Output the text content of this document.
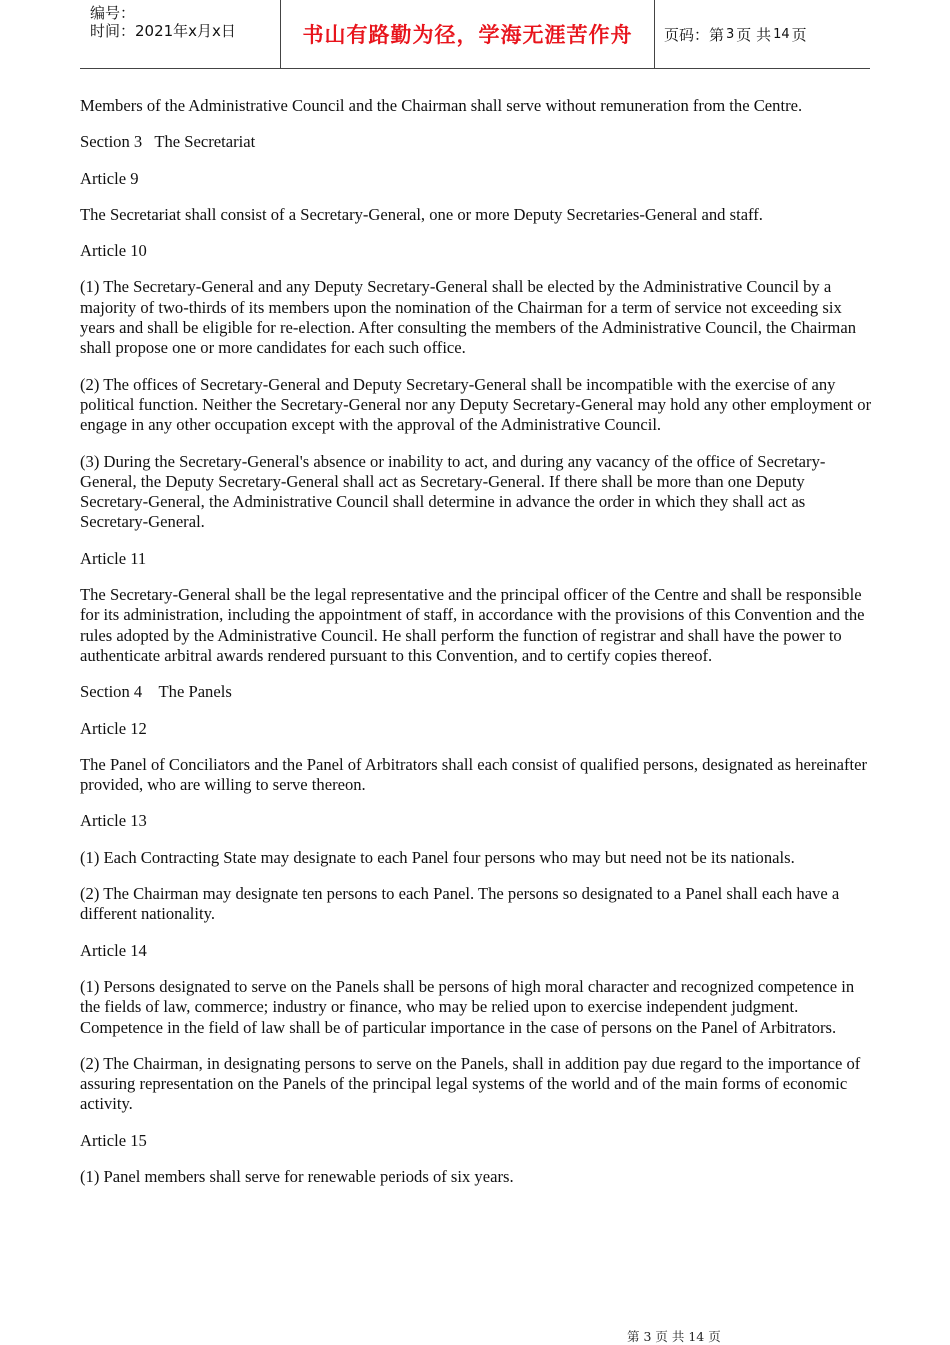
编号：
时间：2021年x月x日	书山有路勤为径，学海无涯苦作舟	页码：第 3 页 共 14 页

Members of the Administrative Council and the Chairman shall serve without remuneration from the Centre.

Section 3   The Secretariat

Article 9

The Secretariat shall consist of a Secretary-General, one or more Deputy Secretaries-General and staff.

Article 10

(1) The Secretary-General and any Deputy Secretary-General shall be elected by the Administrative Council by a majority of two-thirds of its members upon the nomination of the Chairman for a term of service not exceeding six years and shall be eligible for re-election. After consulting the members of the Administrative Council, the Chairman shall propose one or more candidates for each such office.

(2) The offices of Secretary-General and Deputy Secretary-General shall be incompatible with the exercise of any political function. Neither the Secretary-General nor any Deputy Secretary-General may hold any other employment or engage in any other occupation except with the approval of the Administrative Council.

(3) During the Secretary-General's absence or inability to act, and during any vacancy of the office of Secretary-General, the Deputy Secretary-General shall act as Secretary-General. If there shall be more than one Deputy Secretary-General, the Administrative Council shall determine in advance the order in which they shall act as Secretary-General.

Article 11

The Secretary-General shall be the legal representative and the principal officer of the Centre and shall be responsible for its administration, including the appointment of staff, in accordance with the provisions of this Convention and the rules adopted by the Administrative Council. He shall perform the function of registrar and shall have the power to authenticate arbitral awards rendered pursuant to this Convention, and to certify copies thereof.

Section 4    The Panels

Article 12

The Panel of Conciliators and the Panel of Arbitrators shall each consist of qualified persons, designated as hereinafter provided, who are willing to serve thereon.

Article 13

(1) Each Contracting State may designate to each Panel four persons who may but need not be its nationals.

(2) The Chairman may designate ten persons to each Panel. The persons so designated to a Panel shall each have a different nationality.

Article 14

(1) Persons designated to serve on the Panels shall be persons of high moral character and recognized competence in the fields of law, commerce; industry or finance, who may be relied upon to exercise independent judgment. Competence in the field of law shall be of particular importance in the case of persons on the Panel of Arbitrators.

(2) The Chairman, in designating persons to serve on the Panels, shall in addition pay due regard to the importance of assuring representation on the Panels of the principal legal systems of the world and of the main forms of economic activity.

Article 15

(1) Panel members shall serve for renewable periods of six years.

第 3 页 共 14 页
